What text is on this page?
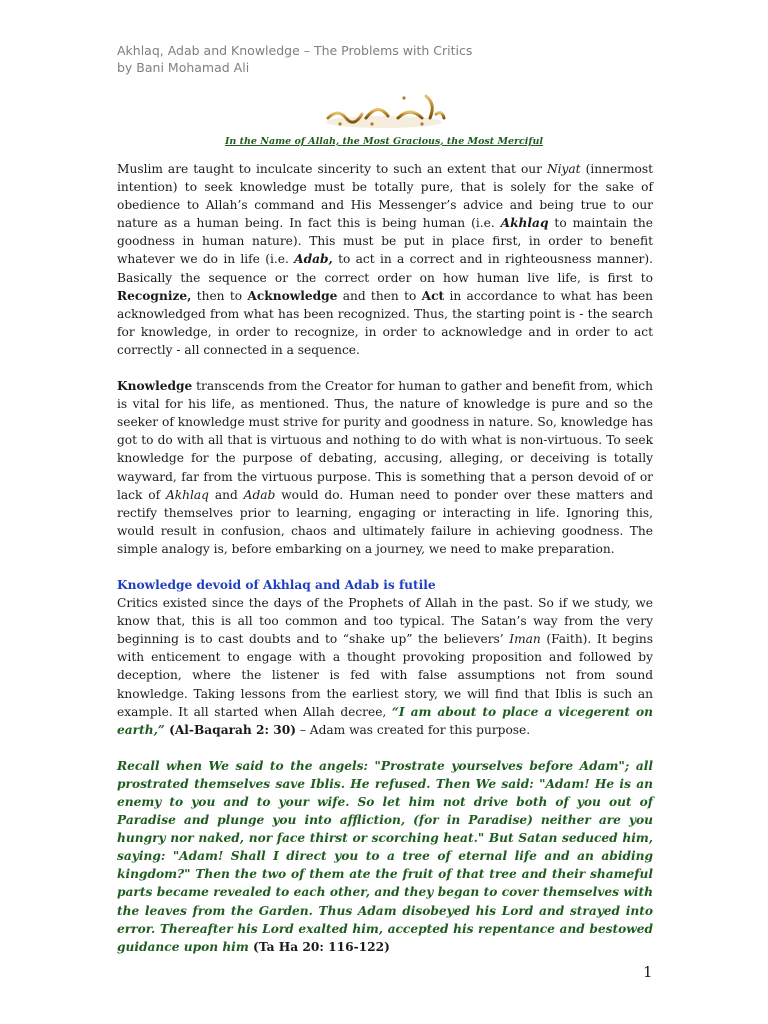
Akhlaq, Adab and Knowledge – The Problems with Critics
by Bani Mohamad Ali
In the Name of Allah, the Most Gracious, the Most Merciful

Muslim are taught to inculcate sincerity to such an extent that our Niyat (innermost intention) to seek knowledge must be totally pure, that is solely for the sake of obedience to Allah’s command and His Messenger’s advice and being true to our nature as a human being. In fact this is being human (i.e. Akhlaq to maintain the goodness in human nature). This must be put in place first, in order to benefit whatever we do in life (i.e. Adab, to act in a correct and in righteousness manner). Basically the sequence or the correct order on how human live life, is first to Recognize, then to Acknowledge and then to Act in accordance to what has been acknowledged from what has been recognized. Thus, the starting point is - the search for knowledge, in order to recognize, in order to acknowledge and in order to act correctly - all connected in a sequence.

Knowledge transcends from the Creator for human to gather and benefit from, which is vital for his life, as mentioned. Thus, the nature of knowledge is pure and so the seeker of knowledge must strive for purity and goodness in nature. So, knowledge has got to do with all that is virtuous and nothing to do with what is non-virtuous. To seek knowledge for the purpose of debating, accusing, alleging, or deceiving is totally wayward, far from the virtuous purpose. This is something that a person devoid of or lack of Akhlaq and Adab would do. Human need to ponder over these matters and rectify themselves prior to learning, engaging or interacting in life. Ignoring this, would result in confusion, chaos and ultimately failure in achieving goodness. The simple analogy is, before embarking on a journey, we need to make preparation.

Knowledge devoid of Akhlaq and Adab is futile

Critics existed since the days of the Prophets of Allah in the past. So if we study, we know that, this is all too common and too typical. The Satan’s way from the very beginning is to cast doubts and to “shake up” the believers’ Iman (Faith). It begins with enticement to engage with a thought provoking proposition and followed by deception, where the listener is fed with false assumptions not from sound knowledge. Taking lessons from the earliest story, we will find that Iblis is such an example. It all started when Allah decree, “I am about to place a vicegerent on earth,” (Al-Baqarah 2: 30) – Adam was created for this purpose.

Recall when We said to the angels: "Prostrate yourselves before Adam"; all prostrated themselves save Iblis. He refused. Then We said: "Adam! He is an enemy to you and to your wife. So let him not drive both of you out of Paradise and plunge you into affliction, (for in Paradise) neither are you hungry nor naked, nor face thirst or scorching heat." But Satan seduced him, saying: "Adam! Shall I direct you to a tree of eternal life and an abiding kingdom?" Then the two of them ate the fruit of that tree and their shameful parts became revealed to each other, and they began to cover themselves with the leaves from the Garden. Thus Adam disobeyed his Lord and strayed into error. Thereafter his Lord exalted him, accepted his repentance and bestowed guidance upon him (Ta Ha 20: 116-122)

1
